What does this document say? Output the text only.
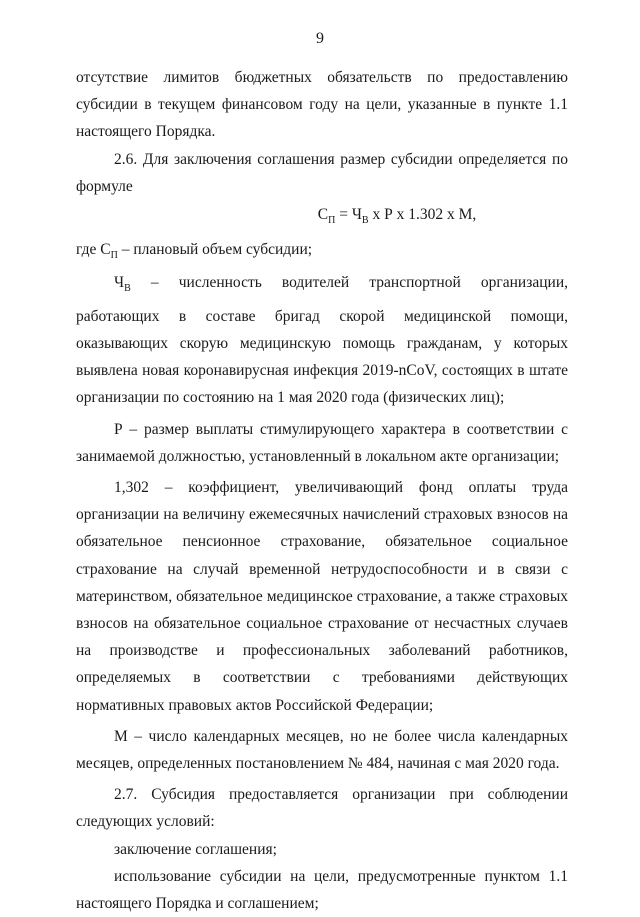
9

отсутствие лимитов бюджетных обязательств по предоставлению субсидии в текущем финансовом году на цели, указанные в пункте 1.1 настоящего Порядка.

2.6. Для заключения соглашения размер субсидии определяется по формуле

$С_П = Ч_В$ х Р х 1.302 х М,

где $С_П$ – плановый объем субсидии;

$Ч_В$ – численность водителей транспортной организации, работающих в составе бригад скорой медицинской помощи, оказывающих скорую медицинскую помощь гражданам, у которых выявлена новая коронавирусная инфекция 2019-nCoV, состоящих в штате организации по состоянию на 1 мая 2020 года (физических лиц);

Р – размер выплаты стимулирующего характера в соответствии с занимаемой должностью, установленный в локальном акте организации;

1,302 – коэффициент, увеличивающий фонд оплаты труда организации на величину ежемесячных начислений страховых взносов на обязательное пенсионное страхование, обязательное социальное страхование на случай временной нетрудоспособности и в связи с материнством, обязательное медицинское страхование, а также страховых взносов на обязательное социальное страхование от несчастных случаев на производстве и профессиональных заболеваний работников, определяемых в соответствии с требованиями действующих нормативных правовых актов Российской Федерации;

М – число календарных месяцев, но не более числа календарных месяцев, определенных постановлением № 484, начиная с мая 2020 года.

2.7. Субсидия предоставляется организации при соблюдении следующих условий:

заключение соглашения;

использование субсидии на цели, предусмотренные пунктом 1.1 настоящего Порядка и соглашением;
